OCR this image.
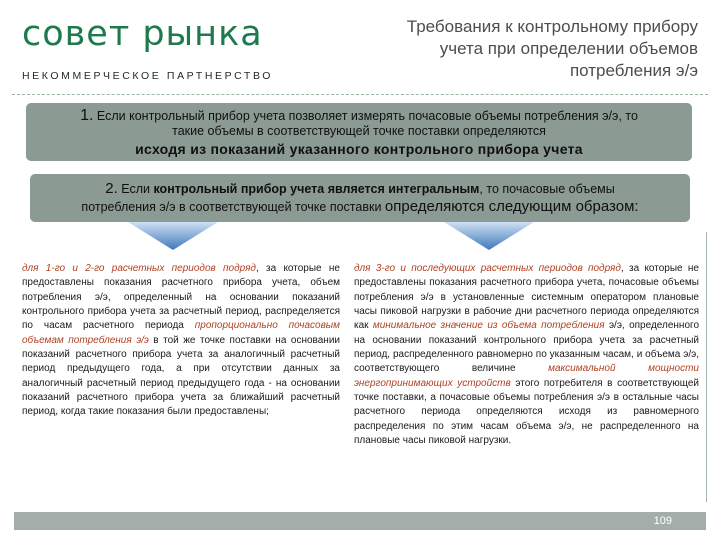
совет рынка
НЕКОММЕРЧЕСКОЕ ПАРТНЕРСТВО
Требования к контрольному прибору
учета при определении объемов
потребления э/э
1. Если контрольный прибор учета позволяет измерять почасовые объемы потребления э/э, то
такие объемы в соответствующей точке поставки определяются
исходя из показаний указанного контрольного прибора учета
2. Если контрольный прибор учета является интегральным, то почасовые объемы
потребления э/э в соответствующей точке поставки определяются следующим образом:
для 1-го и 2-го расчетных периодов подряд, за которые не предоставлены показания расчетного прибора учета, объем потребления э/э, определенный на основании показаний контрольного прибора учета за расчетный период, распределяется по часам расчетного периода пропорционально почасовым объемам потребления э/э в той же точке поставки на основании показаний расчетного прибора учета за аналогичный расчетный период предыдущего года, а при отсутствии данных за аналогичный расчетный период предыдущего года - на основании показаний расчетного прибора учета за ближайший расчетный период, когда такие показания были предоставлены;
для 3-го и последующих расчетных периодов подряд, за которые не предоставлены показания расчетного прибора учета, почасовые объемы потребления э/э в установленные системным оператором плановые часы пиковой нагрузки в рабочие дни расчетного периода определяются как минимальное значение из объема потребления э/э, определенного на основании показаний контрольного прибора учета за расчетный период, распределенного равномерно по указанным часам, и объема э/э, соответствующего величине максимальной мощности энергопринимающих устройств этого потребителя в соответствующей точке поставки, а почасовые объемы потребления э/э в остальные часы расчетного периода определяются исходя из равномерного распределения по этим часам объема э/э, не распределенного на плановые часы пиковой нагрузки.
109
